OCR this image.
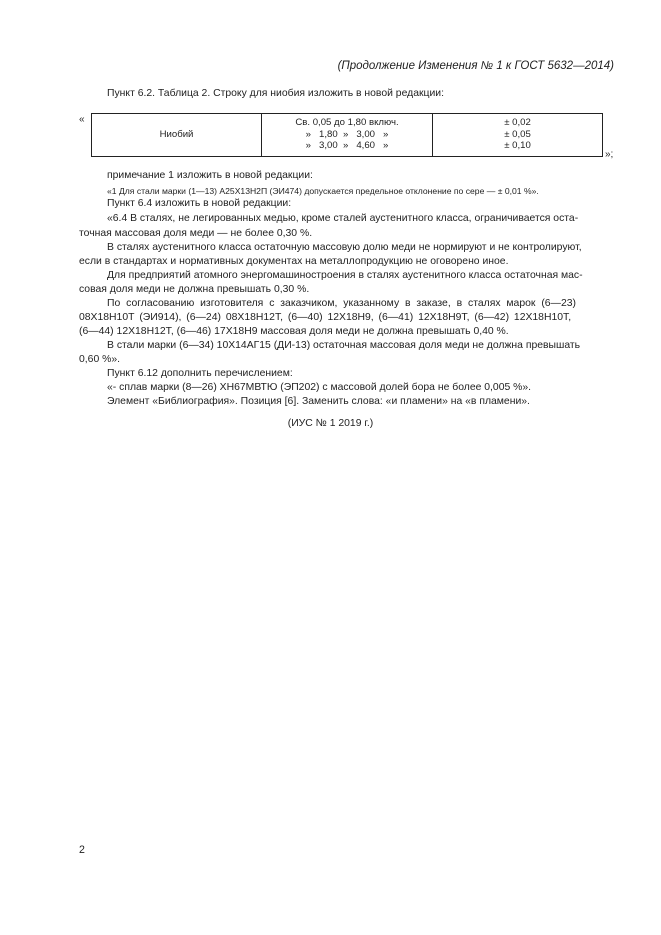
(Продолжение Изменения № 1 к ГОСТ 5632—2014)
Пункт 6.2. Таблица 2. Строку для ниобия изложить в новой редакции:
«
Ниобий
Св. 0,05 до 1,80 включ.
»   1,80  »   3,00   »
»   3,00  »   4,60   »
± 0,02
± 0,05
± 0,10
»;
примечание 1 изложить в новой редакции:
«1 Для стали марки (1—13) А25Х13Н2П (ЭИ474) допускается предельное отклонение по сере — ± 0,01 %».
Пункт 6.4 изложить в новой редакции:
«6.4 В сталях, не легированных медью, кроме сталей аустенитного класса, ограничивается оста-
точная массовая доля меди — не более 0,30 %.
В сталях аустенитного класса остаточную массовую долю меди не нормируют и не контролируют,
если в стандартах и нормативных документах на металлопродукцию не оговорено иное.
Для предприятий атомного энергомашиностроения в сталях аустенитного класса остаточная мас-
совая доля меди не должна превышать 0,30 %.
По согласованию изготовителя с заказчиком, указанному в заказе, в сталях марок (6—23)
08Х18Н10Т (ЭИ914), (6—24) 08Х18Н12Т, (6—40) 12Х18Н9, (6—41) 12Х18Н9Т, (6—42) 12Х18Н10Т,
(6—44) 12Х18Н12Т, (6—46) 17Х18Н9 массовая доля меди не должна превышать 0,40 %.
В стали марки (6—34) 10Х14АГ15 (ДИ-13) остаточная массовая доля меди не должна превышать
0,60 %».
Пункт 6.12 дополнить перечислением:
«- сплав марки (8—26) ХН67МВТЮ (ЭП202) с массовой долей бора не более 0,005 %».
Элемент «Библиография». Позиция [6]. Заменить слова: «и пламени» на «в пламени».
(ИУС № 1 2019 г.)
2
